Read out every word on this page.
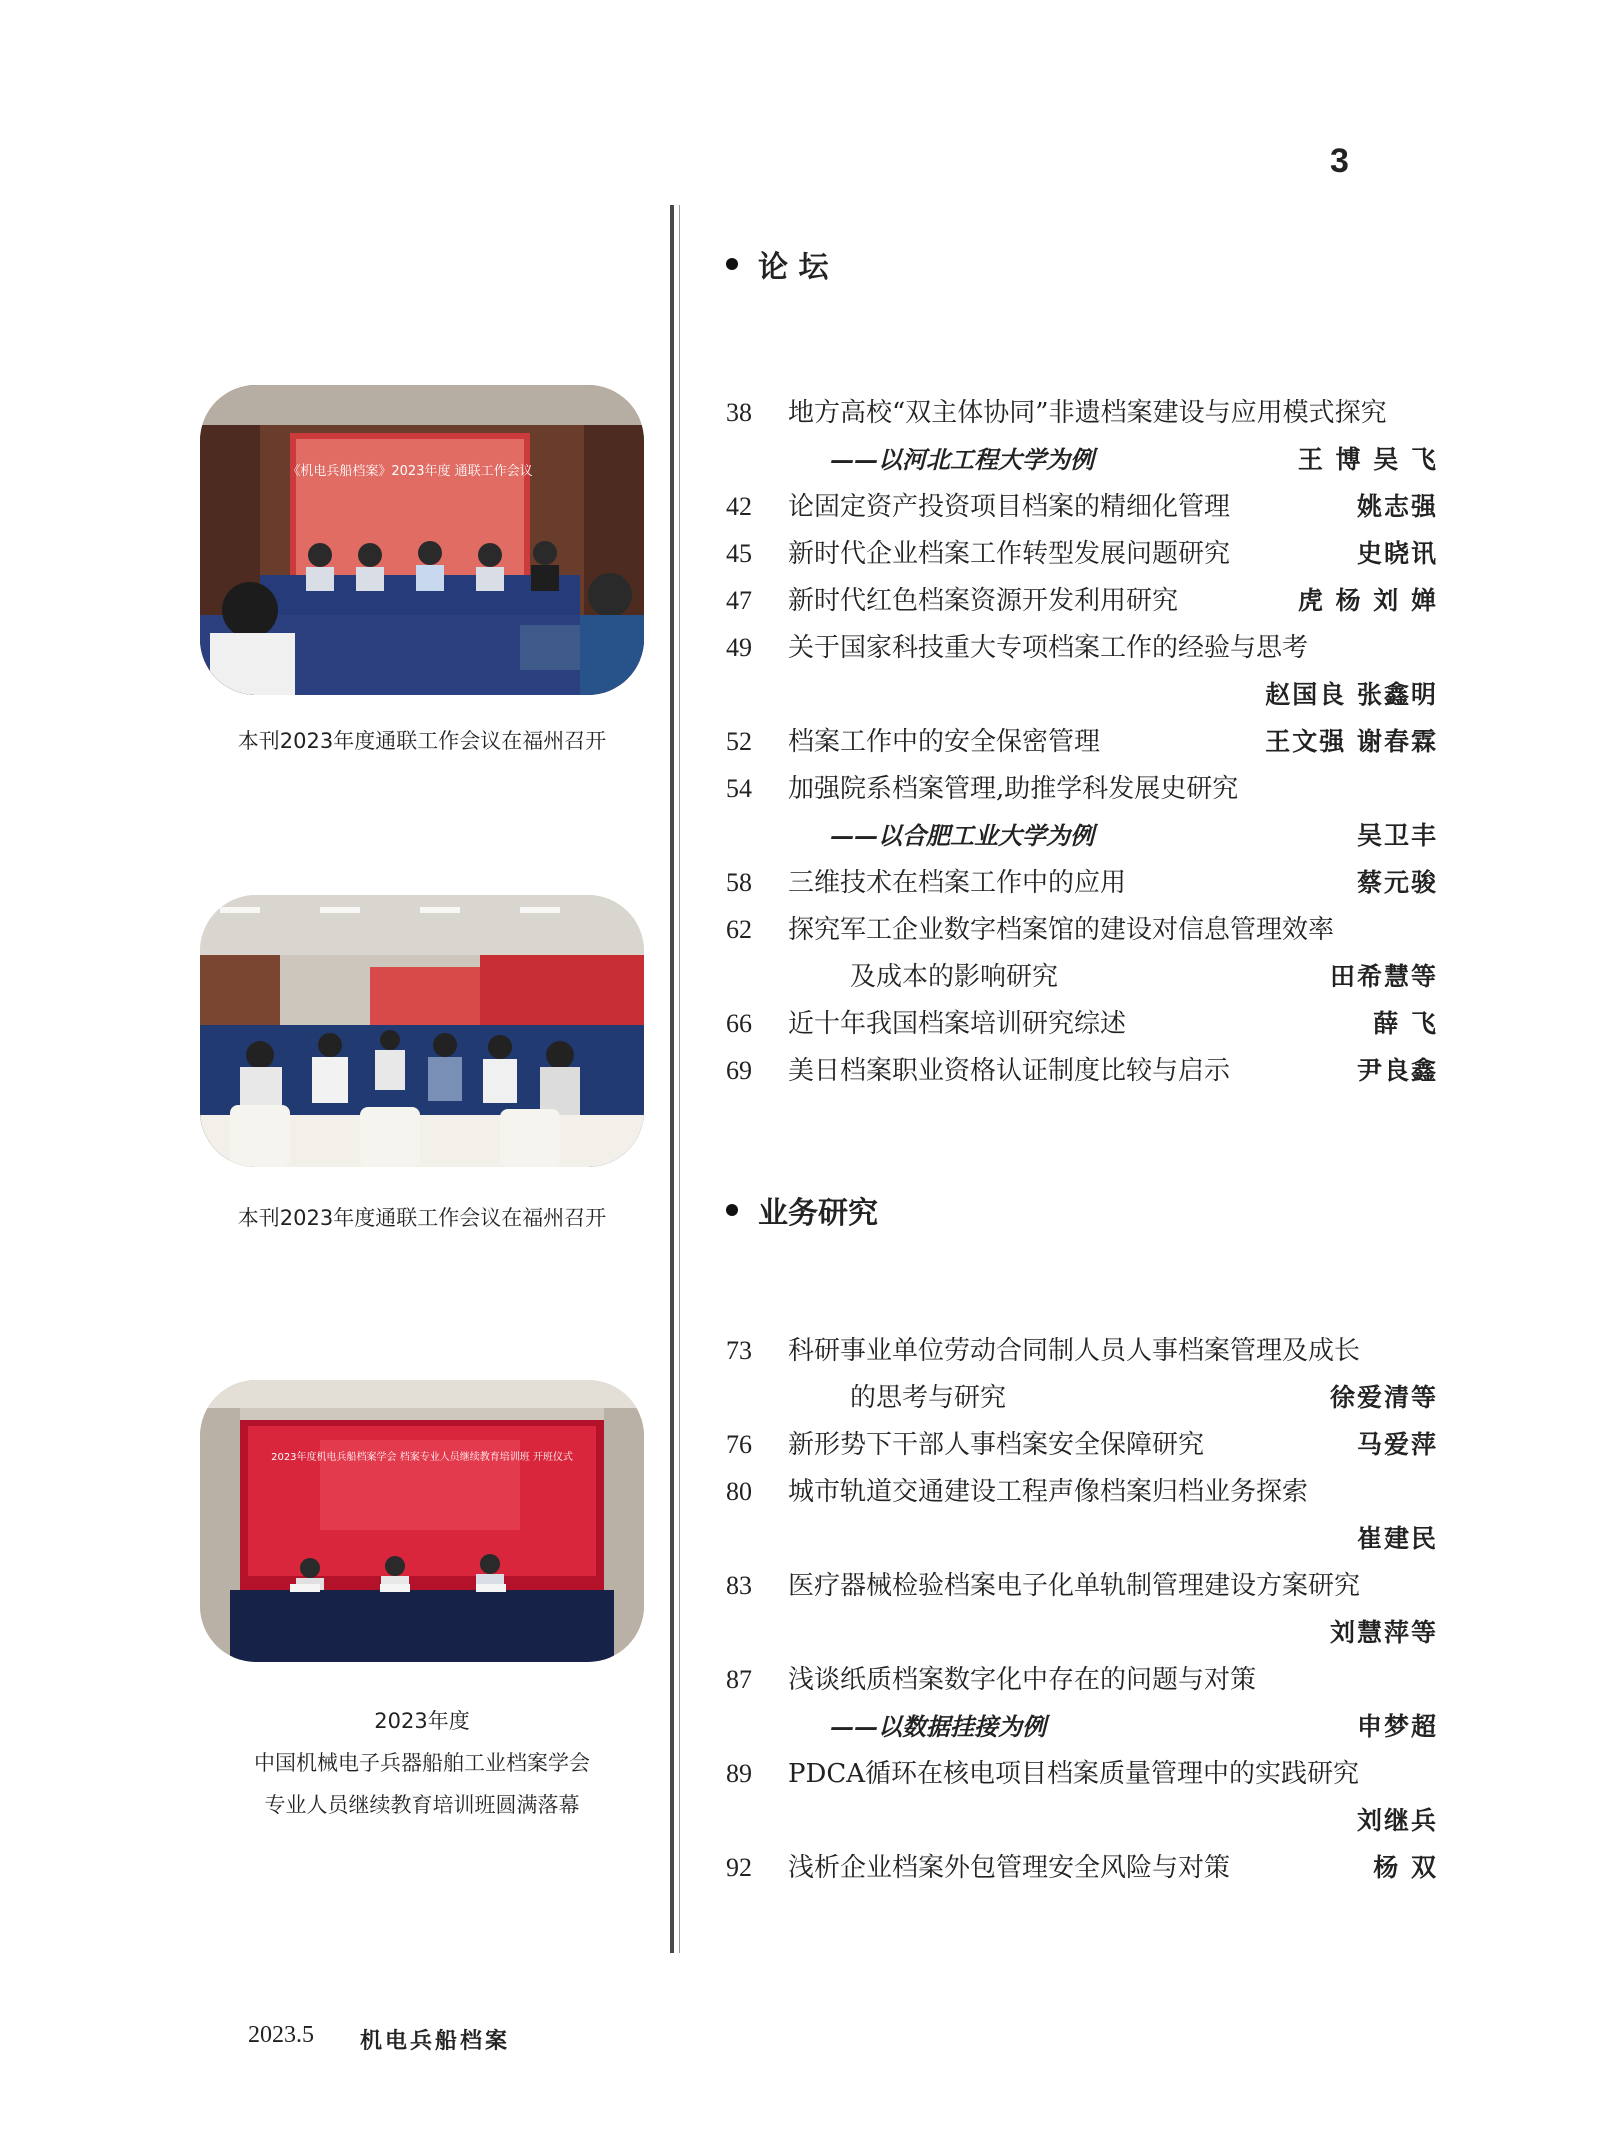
3
《机电兵船档案》2023年度 通联工作会议
本刊2023年度通联工作会议在福州召开
本刊2023年度通联工作会议在福州召开
2023年度机电兵船档案学会 档案专业人员继续教育培训班 开班仪式
2023年度
中国机械电子兵器船舶工业档案学会
专业人员继续教育培训班圆满落幕
论 坛
38	地方高校“双主体协同”非遗档案建设与应用模式探究
——以河北工程大学为例	王 博 吴 飞
42	论固定资产投资项目档案的精细化管理	姚志强
45	新时代企业档案工作转型发展问题研究	史晓讯
47	新时代红色档案资源开发利用研究	虎 杨 刘 婵
49	关于国家科技重大专项档案工作的经验与思考
赵国良 张鑫明
52	档案工作中的安全保密管理	王文强 谢春霖
54	加强院系档案管理,助推学科发展史研究
——以合肥工业大学为例	吴卫丰
58	三维技术在档案工作中的应用	蔡元骏
62	探究军工企业数字档案馆的建设对信息管理效率
及成本的影响研究	田希慧等
66	近十年我国档案培训研究综述	薛 飞
69	美日档案职业资格认证制度比较与启示	尹良鑫
业务研究
73	科研事业单位劳动合同制人员人事档案管理及成长
的思考与研究	徐爱清等
76	新形势下干部人事档案安全保障研究	马爱萍
80	城市轨道交通建设工程声像档案归档业务探索
崔建民
83	医疗器械检验档案电子化单轨制管理建设方案研究
刘慧萍等
87	浅谈纸质档案数字化中存在的问题与对策
——以数据挂接为例	申梦超
89	PDCA循环在核电项目档案质量管理中的实践研究
刘继兵
92	浅析企业档案外包管理安全风险与对策	杨 双
2023.5 机电兵船档案
